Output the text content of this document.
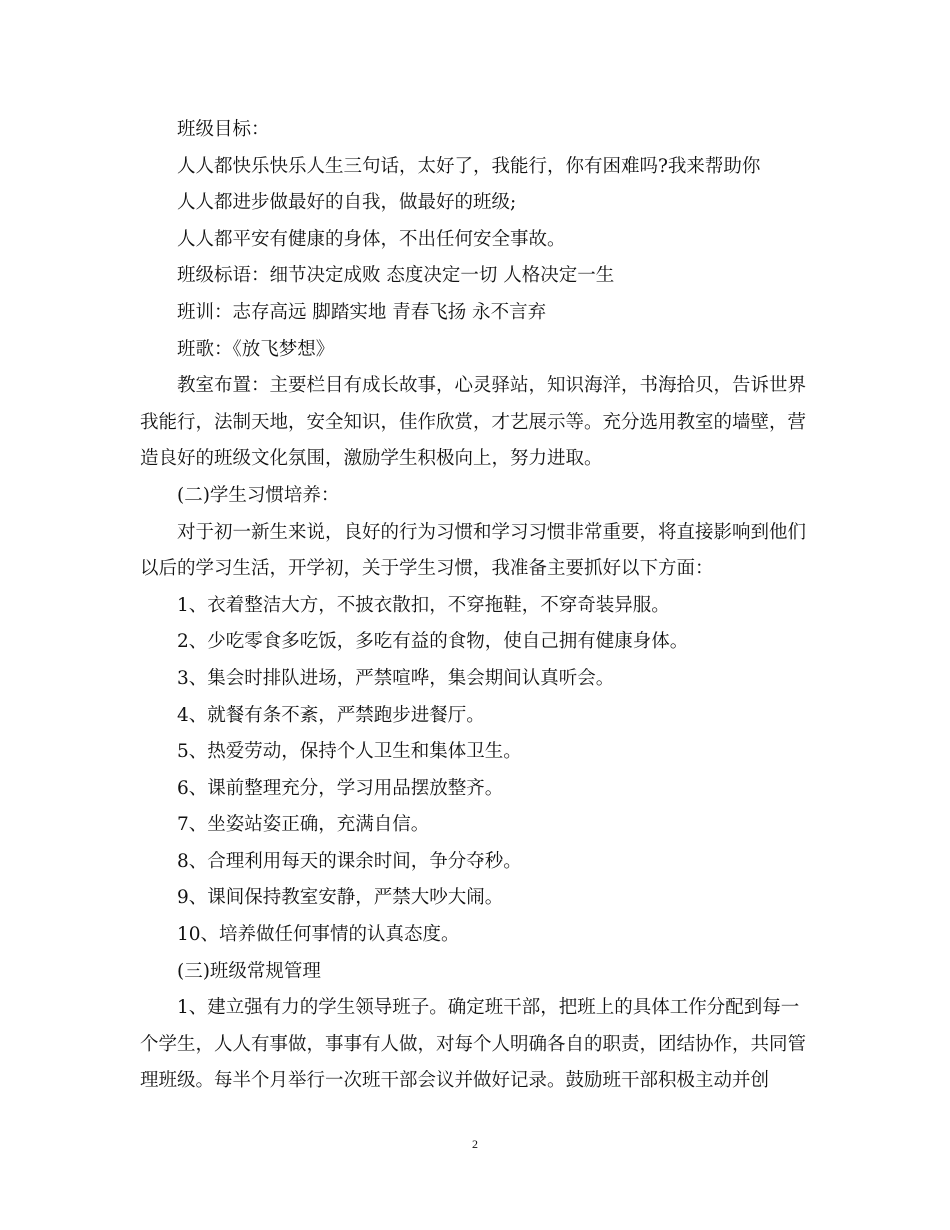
班级目标：

人人都快乐快乐人生三句话，太好了，我能行，你有困难吗?我来帮助你

人人都进步做最好的自我，做最好的班级;

人人都平安有健康的身体，不出任何安全事故。

班级标语：细节决定成败 态度决定一切 人格决定一生

班训：志存高远 脚踏实地 青春飞扬 永不言弃

班歌：《放飞梦想》

教室布置：主要栏目有成长故事，心灵驿站，知识海洋，书海拾贝，告诉世界我能行，法制天地，安全知识，佳作欣赏，才艺展示等。充分选用教室的墙壁，营造良好的班级文化氛围，激励学生积极向上，努力进取。

(二)学生习惯培养：

对于初一新生来说，良好的行为习惯和学习习惯非常重要，将直接影响到他们以后的学习生活，开学初，关于学生习惯，我准备主要抓好以下方面：

1、衣着整洁大方，不披衣散扣，不穿拖鞋，不穿奇装异服。

2、少吃零食多吃饭，多吃有益的食物，使自己拥有健康身体。

3、集会时排队进场，严禁喧哗，集会期间认真听会。

4、就餐有条不紊，严禁跑步进餐厅。

5、热爱劳动，保持个人卫生和集体卫生。

6、课前整理充分，学习用品摆放整齐。

7、坐姿站姿正确，充满自信。

8、合理利用每天的课余时间，争分夺秒。

9、课间保持教室安静，严禁大吵大闹。

10、培养做任何事情的认真态度。

(三)班级常规管理

1、建立强有力的学生领导班子。确定班干部，把班上的具体工作分配到每一个学生，人人有事做，事事有人做，对每个人明确各自的职责，团结协作，共同管理班级。每半个月举行一次班干部会议并做好记录。鼓励班干部积极主动并创

2
